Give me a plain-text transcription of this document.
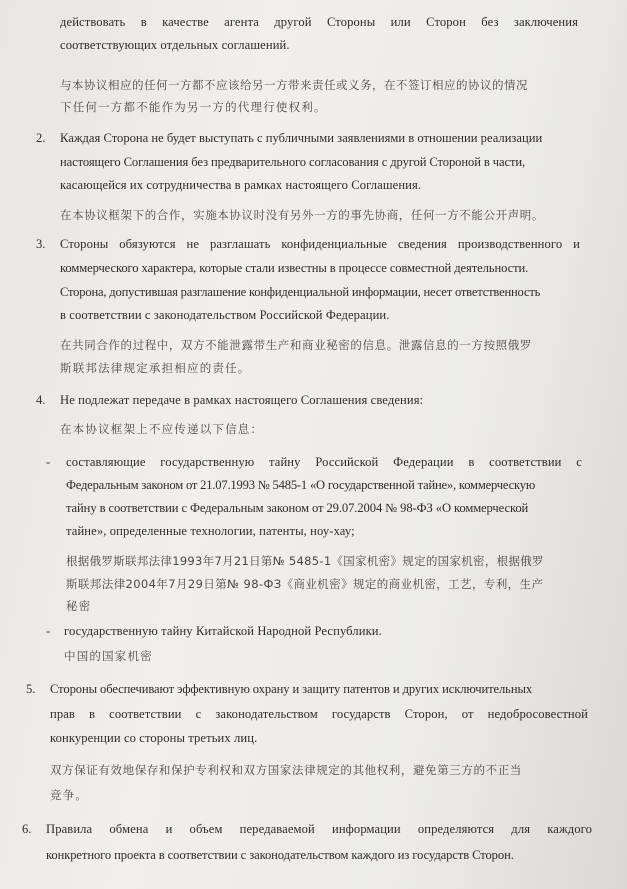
действовать в качестве агента другой Стороны или Сторон без заключения
соответствующих отдельных соглашений.
与本协议相应的任何一方都不应该给另一方带来责任或义务，在不签订相应的协议的情况
下任何一方都不能作为另一方的代理行使权利。
2. Каждая Сторона не будет выступать с публичными заявлениями в отношении реализации
настоящего Соглашения без предварительного согласования с другой Стороной в части,
касающейся их сотрудничества в рамках настоящего Соглашения.
在本协议框架下的合作，实施本协议时没有另外一方的事先协商，任何一方不能公开声明。
3. Стороны обязуются не разглашать конфиденциальные сведения производственного и
коммерческого характера, которые стали известны в процессе совместной деятельности.
Сторона, допустившая разглашение конфиденциальной информации, несет ответственность
в соответствии с законодательством Российской Федерации.
在共同合作的过程中，双方不能泄露带生产和商业秘密的信息。泄露信息的一方按照俄罗
斯联邦法律规定承担相应的责任。
4. Не подлежат передаче в рамках настоящего Соглашения сведения:
在本协议框架上不应传递以下信息：
- составляющие государственную тайну Российской Федерации в соответствии с
Федеральным законом от 21.07.1993 № 5485-1 «О государственной тайне», коммерческую
тайну в соответствии с Федеральным законом от 29.07.2004 № 98-ФЗ «О коммерческой
тайне», определенные технологии, патенты, ноу-хау;
根据俄罗斯联邦法律1993年7月21日第№ 5485-1《国家机密》规定的国家机密，根据俄罗
斯联邦法律2004年7月29日第№ 98-ФЗ《商业机密》规定的商业机密，工艺，专利，生产
秘密
- государственную тайну Китайской Народной Республики.
中国的国家机密
5. Стороны обеспечивают эффективную охрану и защиту патентов и других исключительных
прав в соответствии с законодательством государств Сторон, от недобросовестной
конкуренции со стороны третьих лиц.
双方保证有效地保存和保护专利权和双方国家法律规定的其他权利，避免第三方的不正当
竞争。
6. Правила обмена и объем передаваемой информации определяются для каждого
конкретного проекта в соответствии с законодательством каждого из государств Сторон.
